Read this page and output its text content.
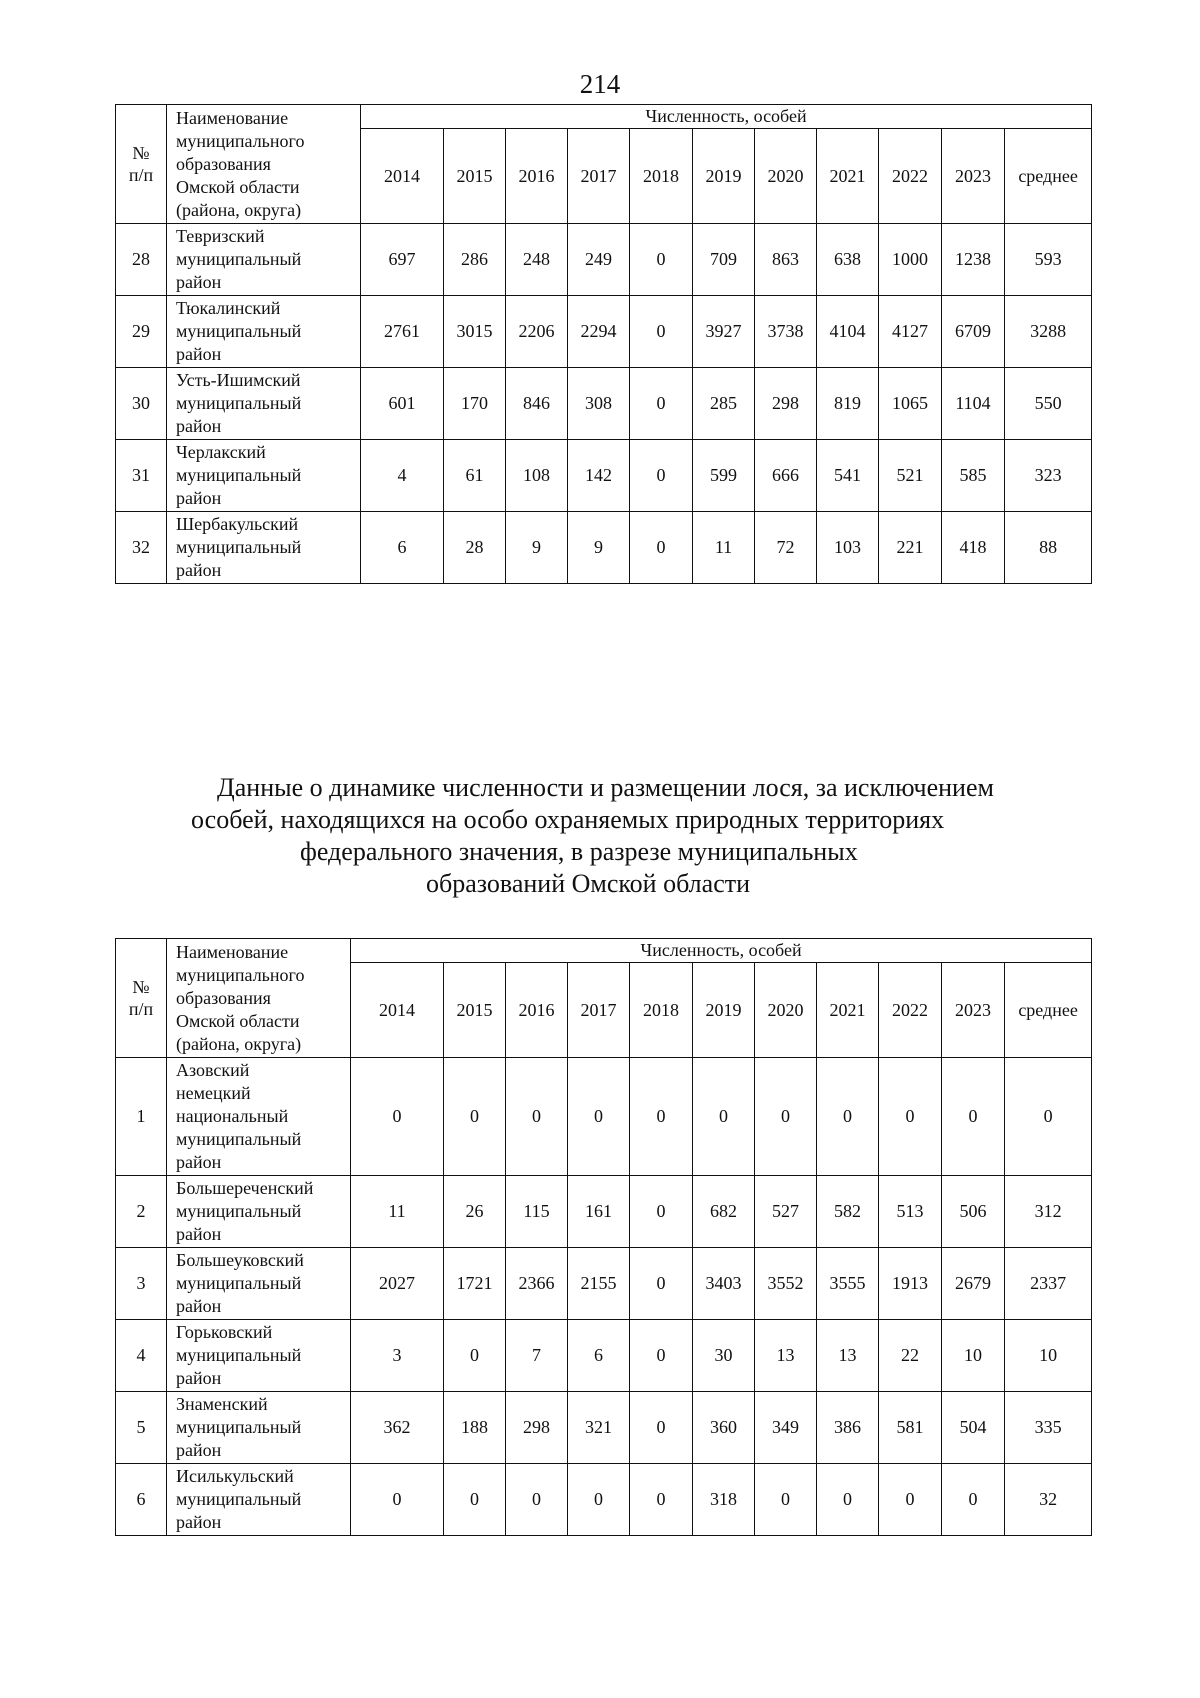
214
№
п/п	Наименование
муниципального
образования
Омской области
(района, округа)	Численность, особей										
		2014	2015	2016	2017	2018	2019	2020	2021	2022	2023	среднее
28	Тевризский
муниципальный
район	697	286	248	249	0	709	863	638	1000	1238	593
29	Тюкалинский
муниципальный
район	2761	3015	2206	2294	0	3927	3738	4104	4127	6709	3288
30	Усть-Ишимский
муниципальный
район	601	170	846	308	0	285	298	819	1065	1104	550
31	Черлакский
муниципальный
район	4	61	108	142	0	599	666	541	521	585	323
32	Шербакульский
муниципальный
район	6	28	9	9	0	11	72	103	221	418	88
Данные о динамике численности и размещении лося, за исключением
особей, находящихся на особо охраняемых природных территориях
федерального значения, в разрезе муниципальных
образований Омской области
№
п/п	Наименование
муниципального
образования
Омской области
(района, округа)	Численность, особей										
		2014	2015	2016	2017	2018	2019	2020	2021	2022	2023	среднее
1	Азовский
немецкий
национальный
муниципальный
район	0	0	0	0	0	0	0	0	0	0	0
2	Большереченский
муниципальный
район	11	26	115	161	0	682	527	582	513	506	312
3	Большеуковский
муниципальный
район	2027	1721	2366	2155	0	3403	3552	3555	1913	2679	2337
4	Горьковский
муниципальный
район	3	0	7	6	0	30	13	13	22	10	10
5	Знаменский
муниципальный
район	362	188	298	321	0	360	349	386	581	504	335
6	Исилькульский
муниципальный
район	0	0	0	0	0	318	0	0	0	0	32
